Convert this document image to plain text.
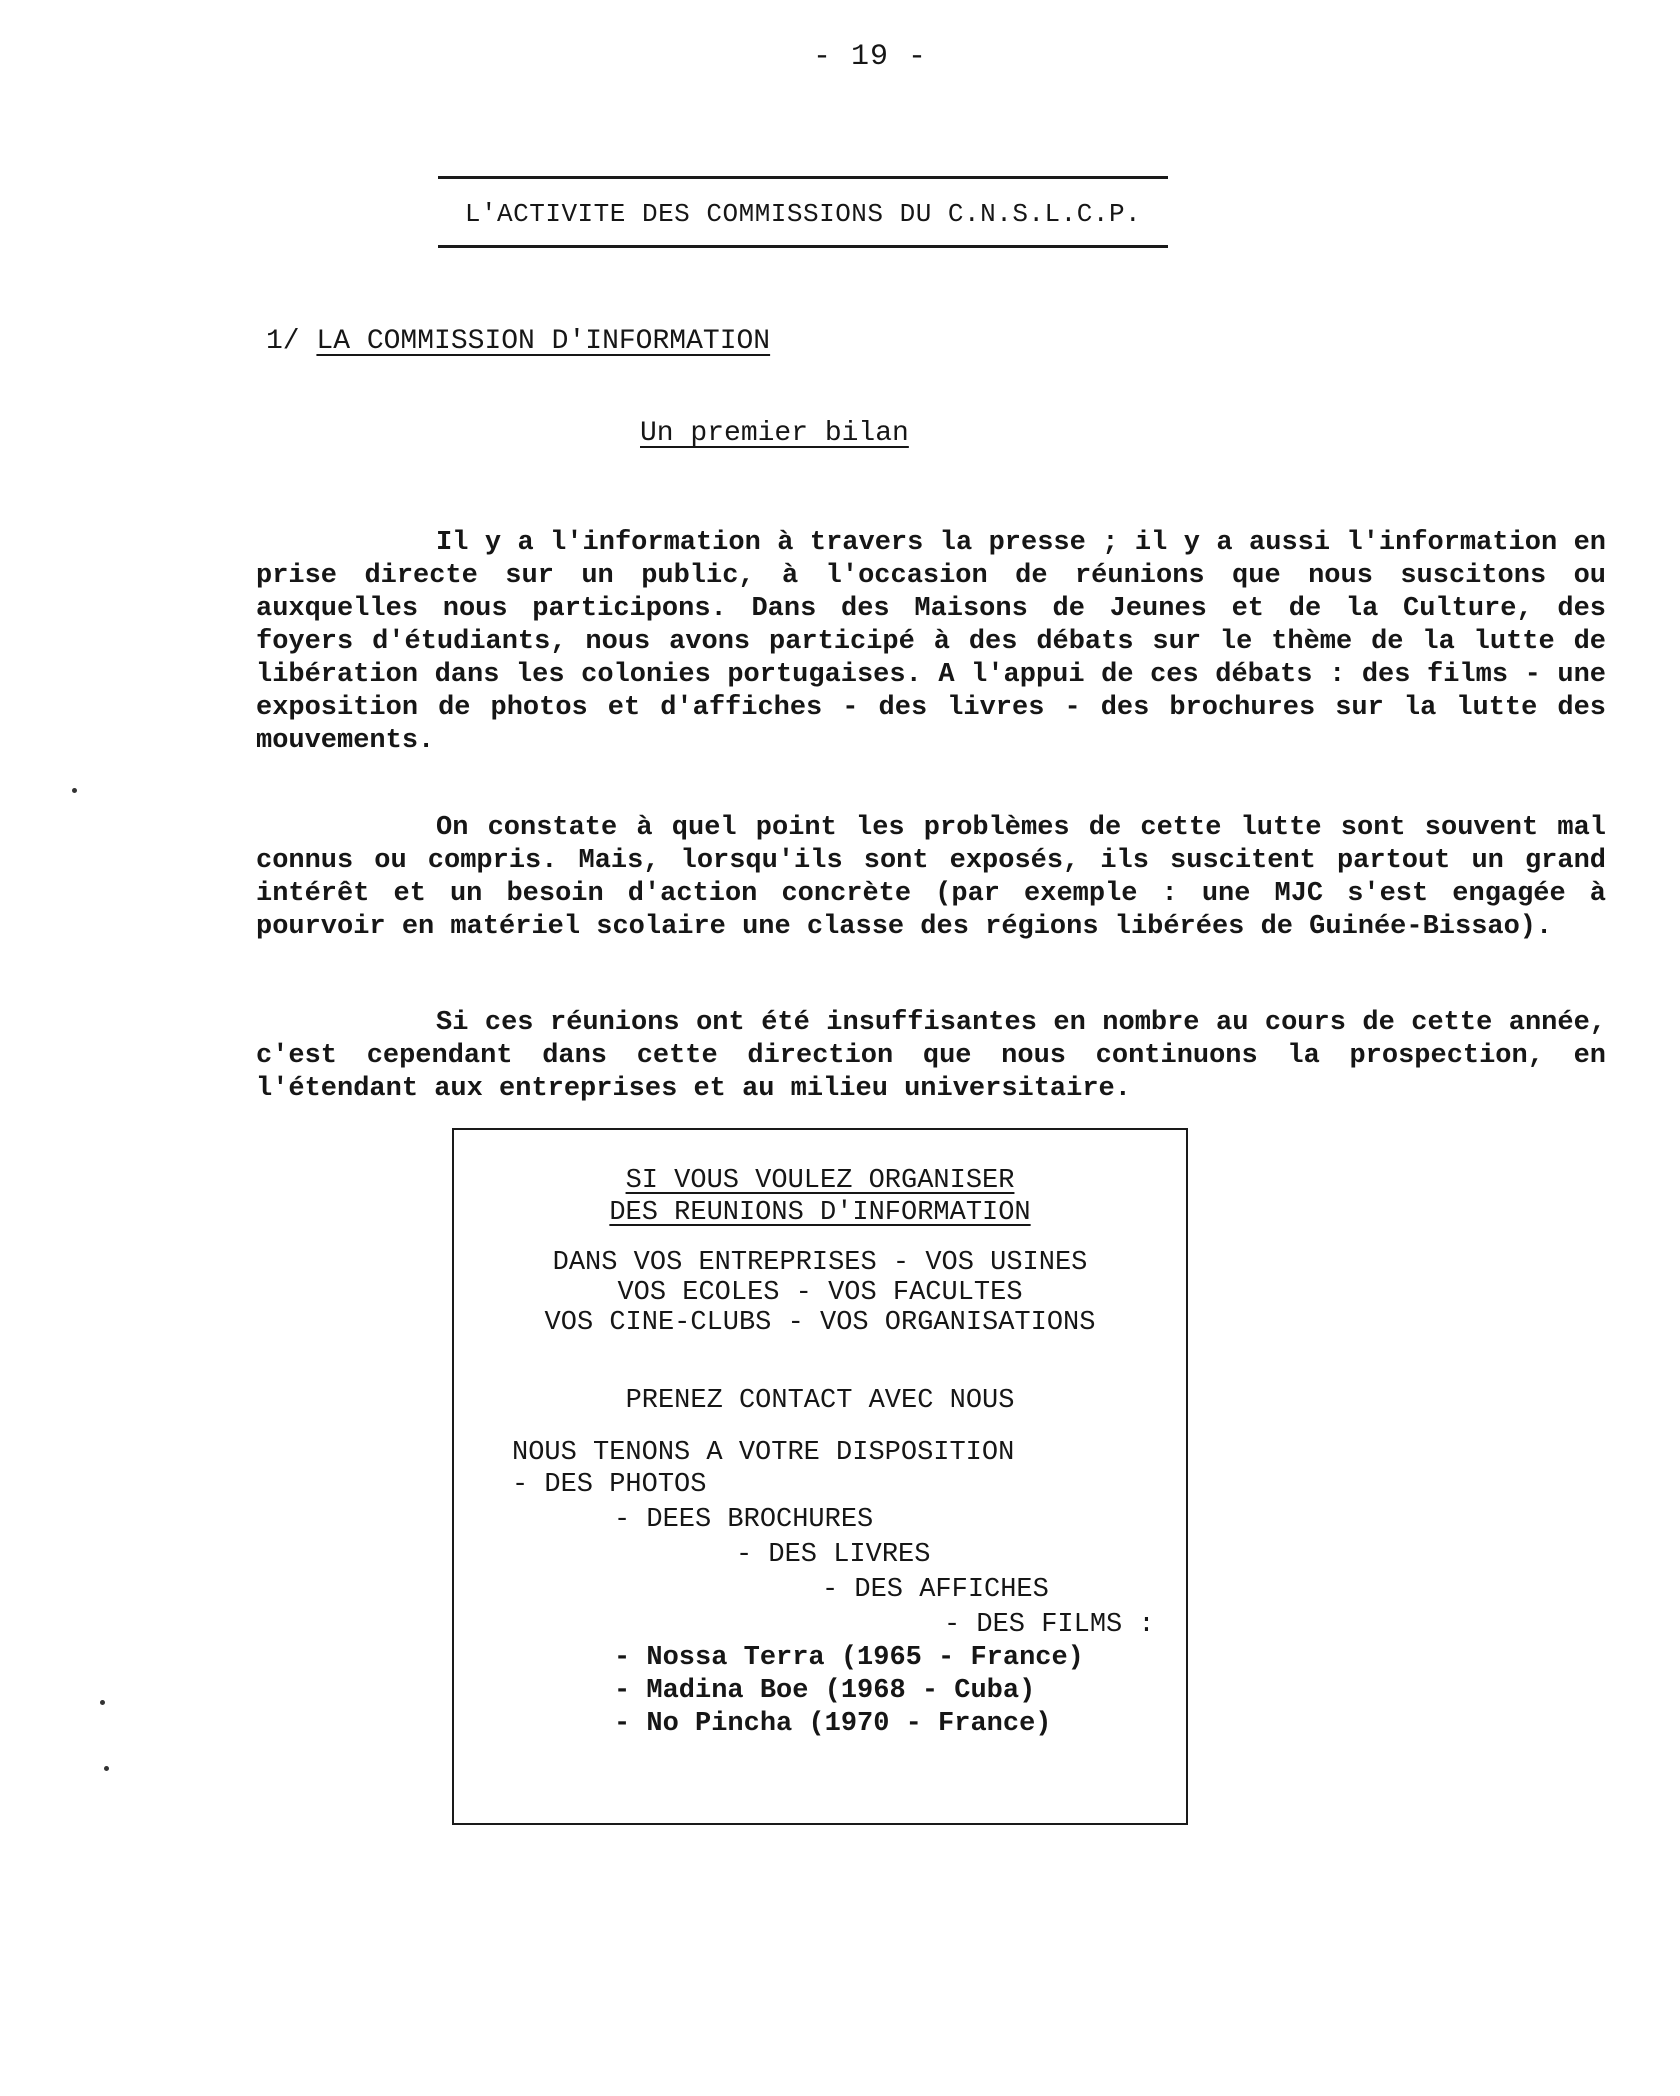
- 19 -
L'ACTIVITE DES COMMISSIONS DU C.N.S.L.C.P.
1/ LA COMMISSION D'INFORMATION
Un premier bilan

Il y a l'information à travers la presse ; il y a aussi l'information en prise directe sur un public, à l'occasion de réunions que nous suscitons ou auxquelles nous participons. Dans des Maisons de Jeunes et de la Culture, des foyers d'étudiants, nous avons participé à des débats sur le thème de la lutte de libération dans les colonies portugaises. A l'appui de ces débats : des films - une exposition de photos et d'affiches - des livres - des brochures sur la lutte des mouvements.

On constate à quel point les problèmes de cette lutte sont souvent mal connus ou compris. Mais, lorsqu'ils sont exposés, ils suscitent partout un grand intérêt et un besoin d'action concrète (par exemple : une MJC s'est engagée à pourvoir en matériel scolaire une classe des régions libérées de Guinée-Bissao).

Si ces réunions ont été insuffisantes en nombre au cours de cette année, c'est cependant dans cette direction que nous continuons la prospection, en l'étendant aux entreprises et au milieu universitaire.

SI VOUS VOULEZ ORGANISER
DES REUNIONS D'INFORMATION
DANS VOS ENTREPRISES - VOS USINES
VOS ECOLES - VOS FACULTES
VOS CINE-CLUBS - VOS ORGANISATIONS
PRENEZ CONTACT AVEC NOUS
NOUS TENONS A VOTRE DISPOSITION
- DES PHOTOS
- DEES BROCHURES
- DES LIVRES
- DES AFFICHES
- DES FILMS :
- Nossa Terra (1965 - France)
- Madina Boe (1968 - Cuba)
- No Pincha (1970 - France)
